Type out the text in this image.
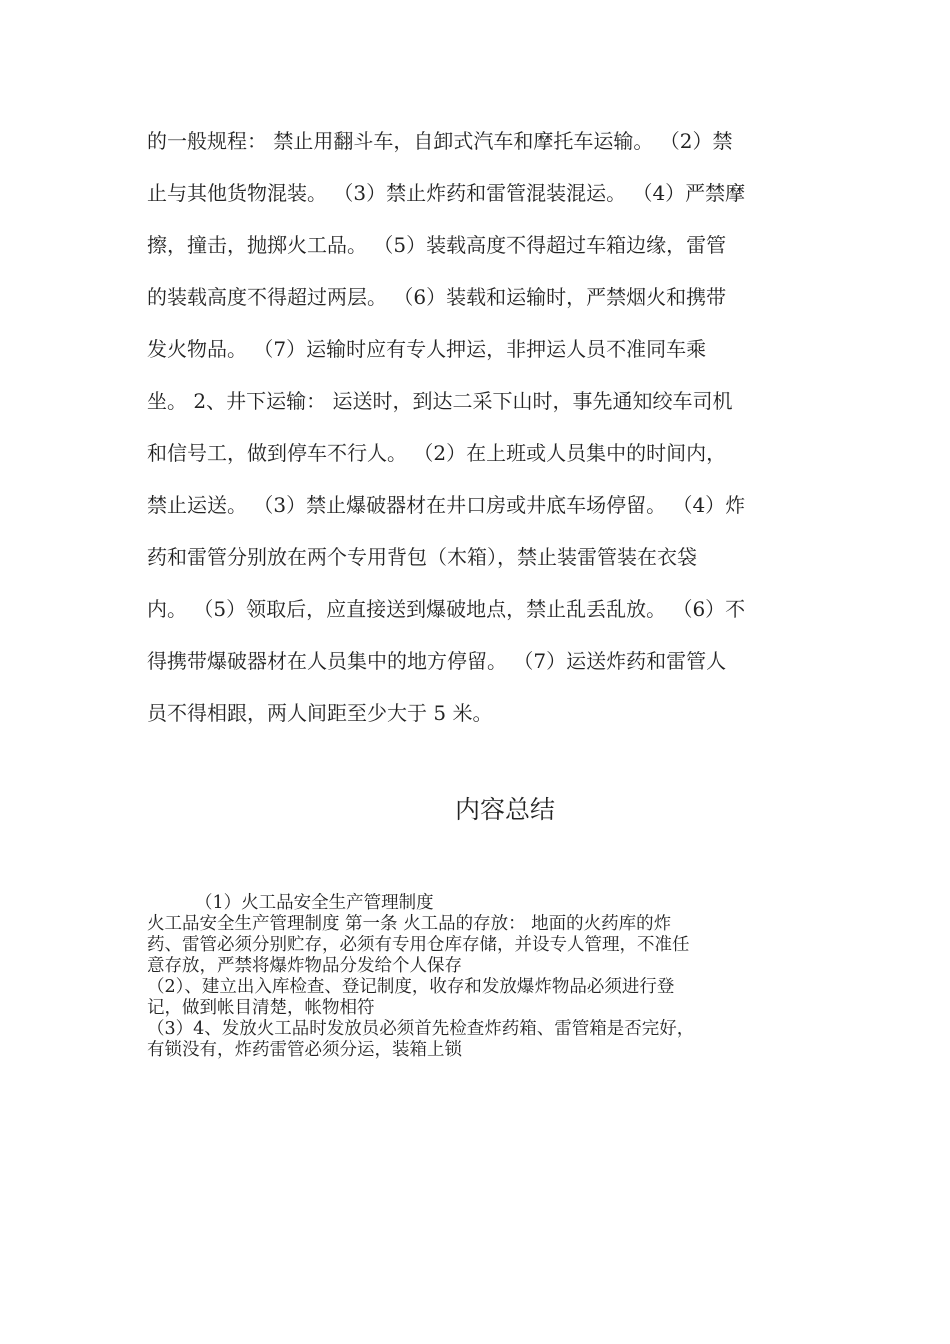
的一般规程： 禁止用翻斗车，自卸式汽车和摩托车运输。 （2）禁
止与其他货物混装。 （3）禁止炸药和雷管混装混运。 （4）严禁摩
擦，撞击，抛掷火工品。 （5）装载高度不得超过车箱边缘，雷管
的装载高度不得超过两层。 （6）装载和运输时，严禁烟火和携带
发火物品。 （7）运输时应有专人押运，非押运人员不准同车乘
坐。 2、井下运输： 运送时，到达二采下山时，事先通知绞车司机
和信号工，做到停车不行人。 （2）在上班或人员集中的时间内，
禁止运送。 （3）禁止爆破器材在井口房或井底车场停留。 （4）炸
药和雷管分别放在两个专用背包（木箱），禁止装雷管装在衣袋
内。 （5）领取后，应直接送到爆破地点，禁止乱丢乱放。 （6）不
得携带爆破器材在人员集中的地方停留。 （7）运送炸药和雷管人
员不得相跟，两人间距至少大于 5 米。
内容总结
（1）火工品安全生产管理制度
火工品安全生产管理制度 第一条 火工品的存放： 地面的火药库的炸
药、雷管必须分别贮存，必须有专用仓库存储，并设专人管理，不准任
意存放，严禁将爆炸物品分发给个人保存
（2）、建立出入库检查、登记制度，收存和发放爆炸物品必须进行登
记，做到帐目清楚，帐物相符
（3）4、发放火工品时发放员必须首先检查炸药箱、雷管箱是否完好，
有锁没有，炸药雷管必须分运，装箱上锁
